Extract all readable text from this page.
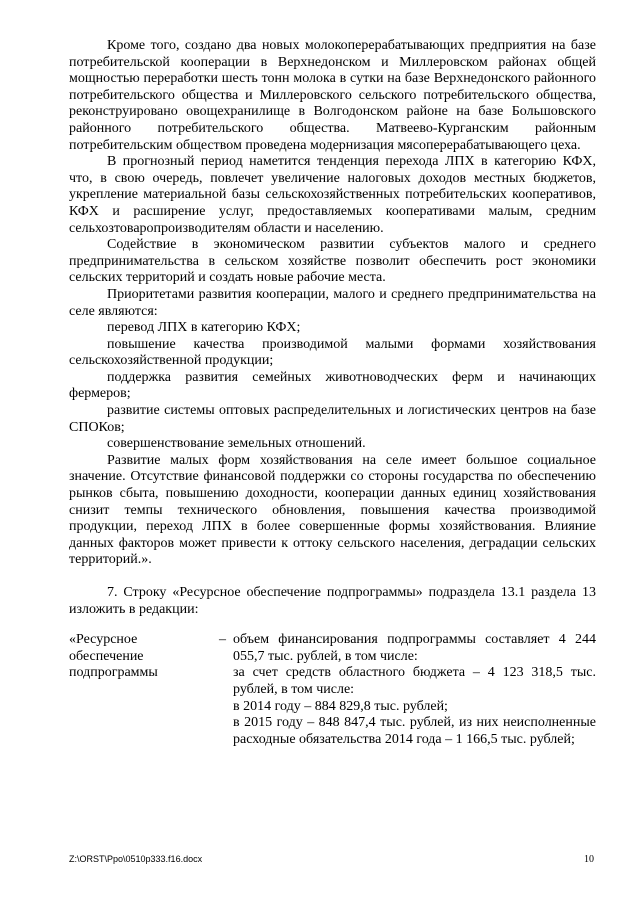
Кроме того, создано два новых молокоперерабатывающих предприятия на базе потребительской кооперации в Верхнедонском и Миллеровском районах общей мощностью переработки шесть тонн молока в сутки на базе Верхнедонского районного потребительского общества и Миллеровского сельского потребительского общества, реконструировано овощехранилище в Волгодонском районе на базе Большовского районного потребительского общества. Матвеево-Курганским районным потребительским обществом проведена модернизация мясоперерабатывающего цеха.

В прогнозный период наметится тенденция перехода ЛПХ в категорию КФХ, что, в свою очередь, повлечет увеличение налоговых доходов местных бюджетов, укрепление материальной базы сельскохозяйственных потребительских кооперативов, КФХ и расширение услуг, предоставляемых кооперативами малым, средним сельхозтоваропроизводителям области и населению.

Содействие в экономическом развитии субъектов малого и среднего предпринимательства в сельском хозяйстве позволит обеспечить рост экономики сельских территорий и создать новые рабочие места.

Приоритетами развития кооперации, малого и среднего предпринимательства на селе являются:

перевод ЛПХ в категорию КФХ;

повышение качества производимой малыми формами хозяйствования сельскохозяйственной продукции;

поддержка развития семейных животноводческих ферм и начинающих фермеров;

развитие системы оптовых распределительных и логистических центров на базе СПОКов;

совершенствование земельных отношений.

Развитие малых форм хозяйствования на селе имеет большое социальное значение. Отсутствие финансовой поддержки со стороны государства по обеспечению рынков сбыта, повышению доходности, кооперации данных единиц хозяйствования снизит темпы технического обновления, повышения качества производимой продукции, переход ЛПХ в более совершенные формы хозяйствования. Влияние данных факторов может привести к оттоку сельского населения, деградации сельских территорий.».

7. Строку «Ресурсное обеспечение подпрограммы» подраздела 13.1 раздела 13 изложить в редакции:

«Ресурсное
обеспечение
подпрограммы
– объем финансирования подпрограммы составляет 4 244 055,7 тыс. рублей, в том числе:

за счет средств областного бюджета – 4 123 318,5 тыс. рублей, в том числе:

в 2014 году – 884 829,8 тыс. рублей;

в 2015 году – 848 847,4 тыс. рублей, из них неисполненные расходные обязательства 2014 года – 1 166,5 тыс. рублей;

Z:\ORST\Ppo\0510p333.f16.docx	10
